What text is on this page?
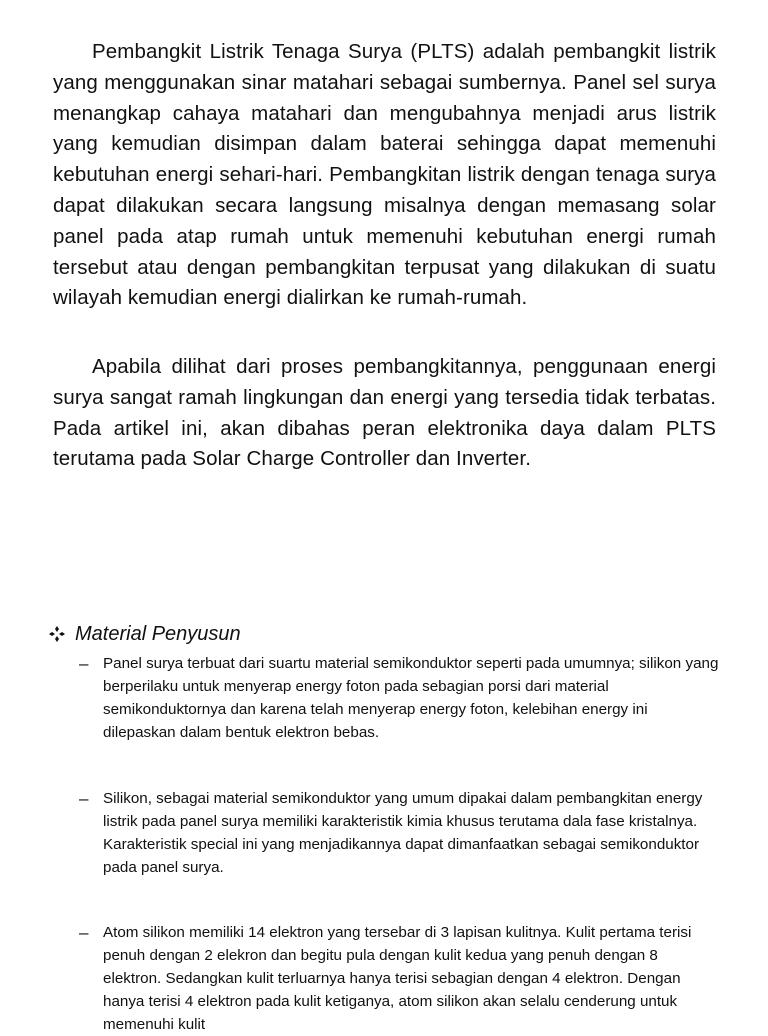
Pembangkit Listrik Tenaga Surya (PLTS) adalah pembangkit listrik yang menggunakan sinar matahari sebagai sumbernya. Panel sel surya menangkap cahaya matahari dan mengubahnya menjadi arus listrik yang kemudian disimpan dalam baterai sehingga dapat memenuhi kebutuhan energi sehari-hari. Pembangkitan listrik dengan tenaga surya dapat dilakukan secara langsung misalnya dengan memasang solar panel pada atap rumah untuk memenuhi kebutuhan energi rumah tersebut atau dengan pembangkitan terpusat yang dilakukan di suatu wilayah kemudian energi dialirkan ke rumah-rumah.

Apabila dilihat dari proses pembangkitannya, penggunaan energi surya sangat ramah lingkungan dan energi yang tersedia tidak terbatas. Pada artikel ini, akan dibahas peran elektronika daya dalam PLTS terutama pada Solar Charge Controller dan Inverter.

Material Penyusun
– Panel surya terbuat dari suartu material semikonduktor seperti pada umumnya; silikon yang berperilaku untuk menyerap energy foton pada sebagian porsi dari material semikonduktornya dan karena telah menyerap energy foton, kelebihan energy ini dilepaskan dalam bentuk elektron bebas.

– Silikon, sebagai material semikonduktor yang umum dipakai dalam pembangkitan energy listrik pada panel surya memiliki karakteristik kimia khusus terutama dala fase kristalnya. Karakteristik special ini yang menjadikannya dapat dimanfaatkan sebagai semikonduktor pada panel surya.

– Atom silikon memiliki 14 elektron yang tersebar di 3 lapisan kulitnya. Kulit pertama terisi penuh dengan 2 elekron dan begitu pula dengan kulit kedua yang penuh dengan 8 elektron. Sedangkan kulit terluarnya hanya terisi sebagian dengan 4 elektron. Dengan hanya terisi 4 elektron pada kulit ketiganya, atom silikon akan selalu cenderung untuk memenuhi kulit
